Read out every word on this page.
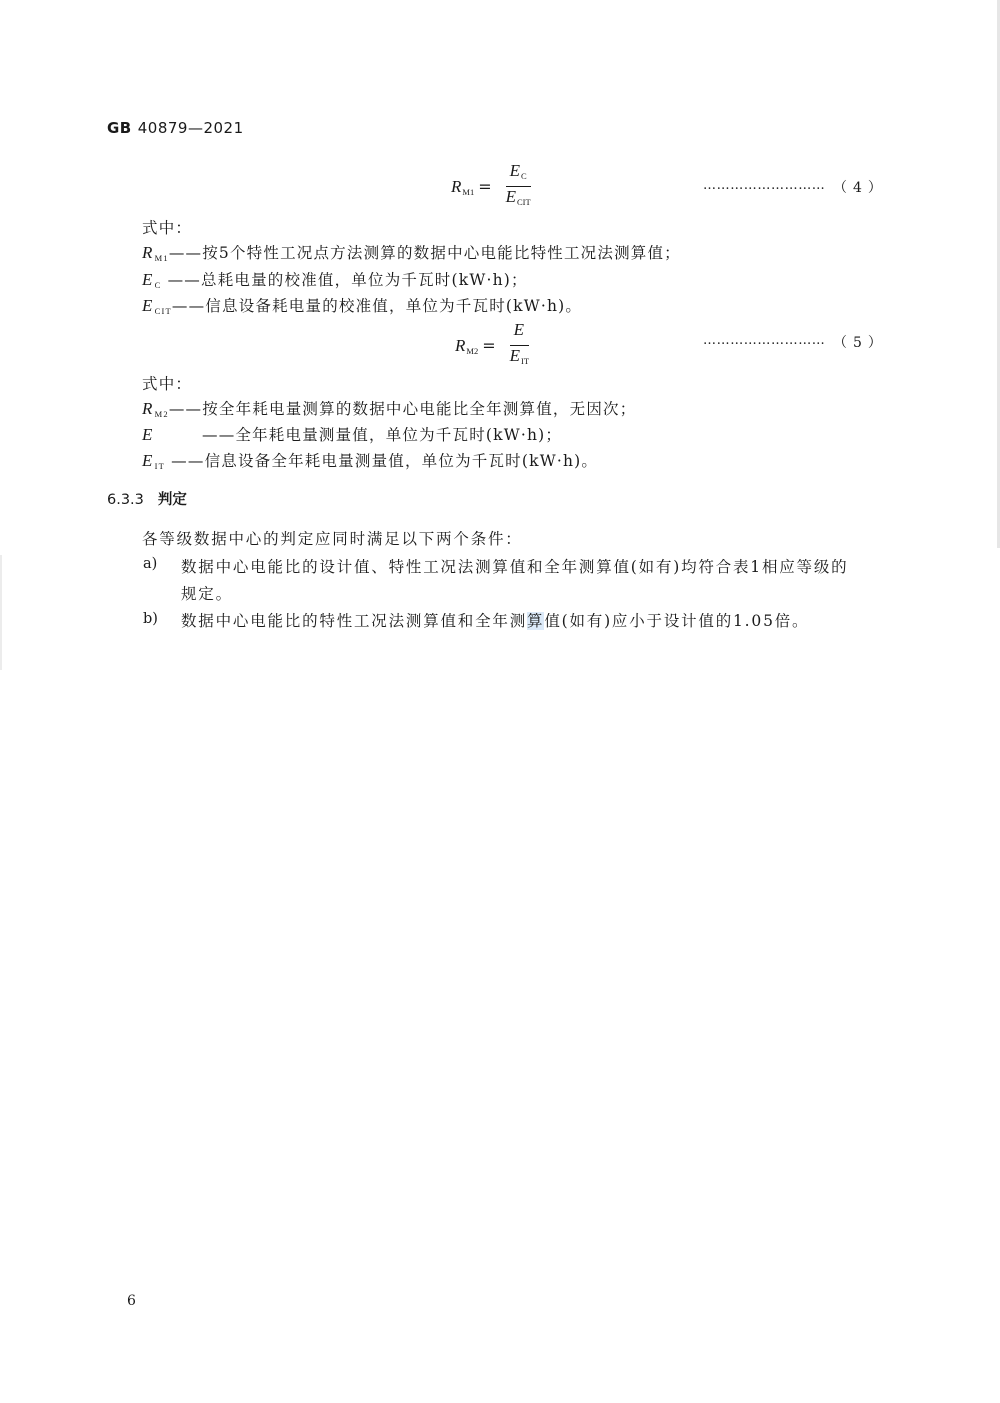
GB 40879—2021
$R_{M1} = \frac{E_C}{E_{CIT}}$	……………………… （4）
式中：
$R_{M1}——$按5个特性工况点方法测算的数据中心电能比特性工况法测算值；
$E_C$ ——总耗电量的校准值，单位为千瓦时(kW·h)；
$E_{CIT}——$信息设备耗电量的校准值，单位为千瓦时(kW·h)。
$R_{M2} = \frac{E}{E_{IT}}$	……………………… （5）
式中：
$R_{M2}——$按全年耗电量测算的数据中心电能比全年测算值，无因次；
E	——全年耗电量测量值，单位为千瓦时(kW·h)；
$E_{IT}$ ——信息设备全年耗电量测量值，单位为千瓦时(kW·h)。
6.3.3 判定
各等级数据中心的判定应同时满足以下两个条件：
a) 数据中心电能比的设计值、特性工况法测算值和全年测算值(如有)均符合表1相应等级的
规定。
b) 数据中心电能比的特性工况法测算值和全年测算值(如有)应小于设计值的1.05倍。
6
